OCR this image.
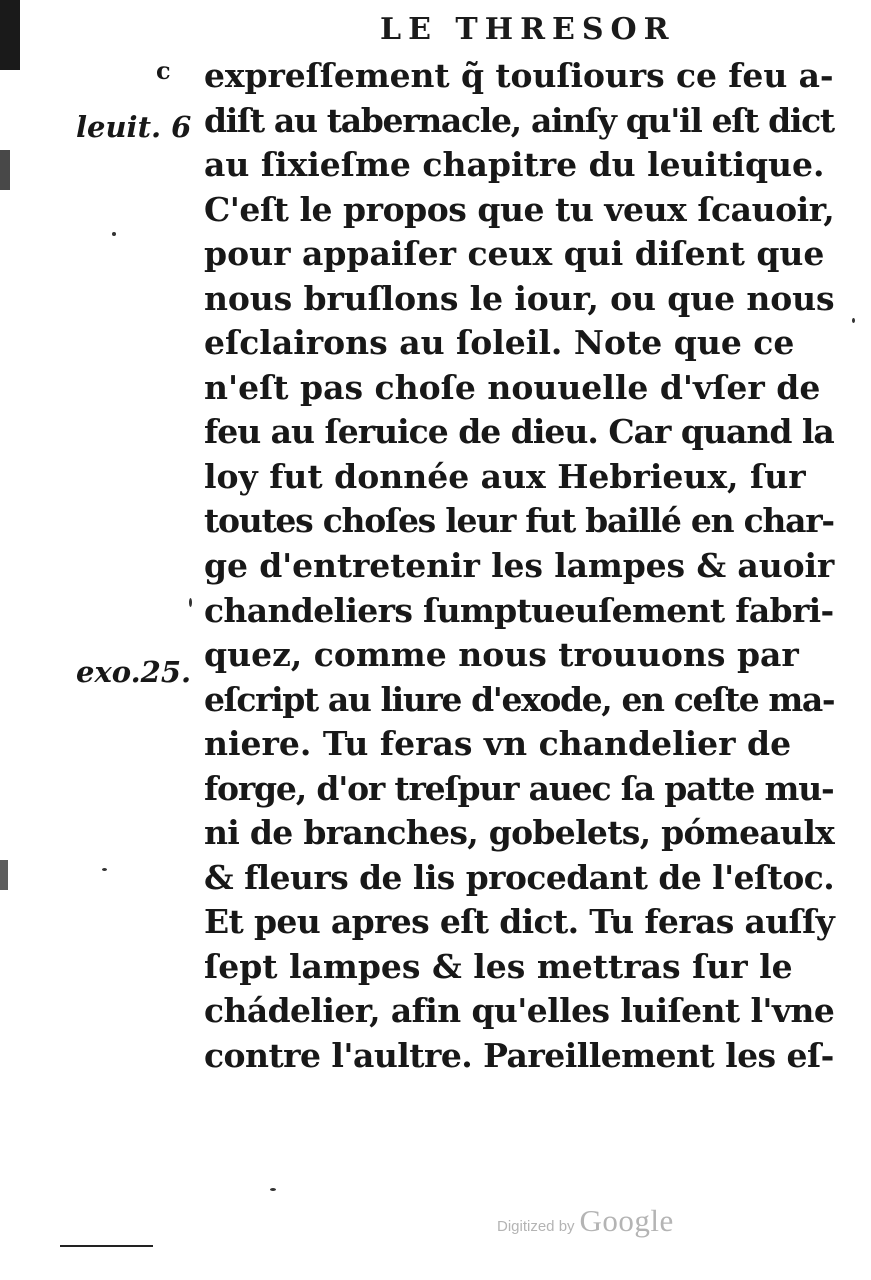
LE THRESOR
c
leuit. 6
exo.25.
expreſſement q̃ touſiours ce feu a-
diſt au tabernacle, ainſy qu'il eſt dict
au ſixieſme chapitre du leuitique.
C'eſt le propos que tu veux ſcauoir,
pour appaiſer ceux qui diſent que
nous bruſlons le iour, ou que nous
eſclairons au ſoleil. Note que ce
n'eſt pas choſe nouuelle d'vſer de
feu au ſeruice de dieu. Car quand la
loy fut donnée aux Hebrieux, ſur
toutes choſes leur fut baillé en char-
ge d'entretenir les lampes & auoir
chandeliers ſumptueuſement fabri-
quez, comme nous trouuons par
eſcript au liure d'exode, en ceſte ma-
niere. Tu feras vn chandelier de
forge, d'or treſpur auec ſa patte mu-
ni de branches, gobelets, pómeaulx
& fleurs de lis procedant de l'eſtoc.
Et peu apres eſt dict. Tu feras auſſy
ſept lampes & les mettras ſur le
chádelier, afin qu'elles luiſent l'vne
contre l'aultre. Pareillement les eſ-
Digitized by Google
